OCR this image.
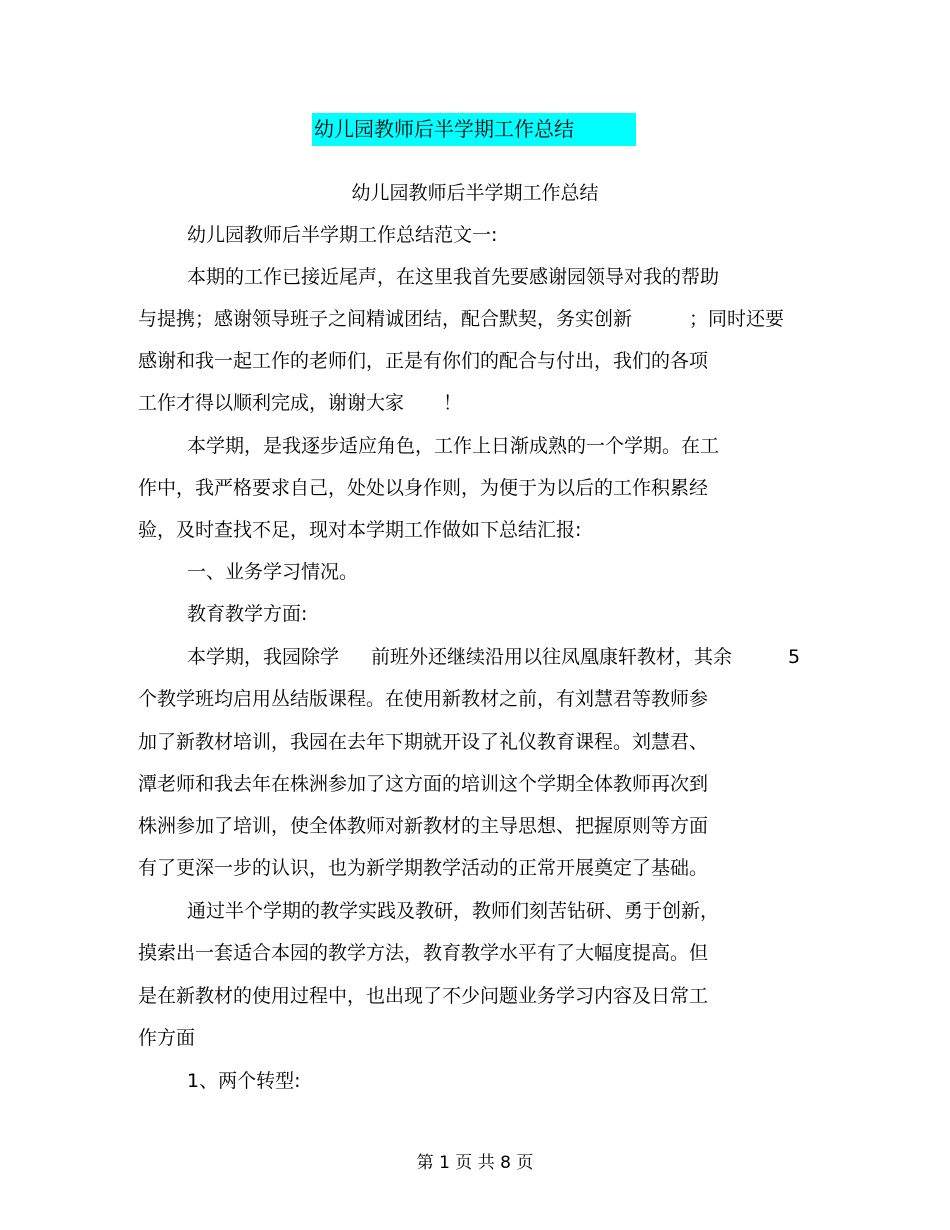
幼儿园教师后半学期工作总结
幼儿园教师后半学期工作总结
幼儿园教师后半学期工作总结范文一:
本期的工作已接近尾声，在这里我首先要感谢园领导对我的帮助
与提携；感谢领导班子之间精诚团结，配合默契，务实创新	；同时还要
感谢和我一起工作的老师们，正是有你们的配合与付出，我们的各项
工作才得以顺利完成，谢谢大家 ！
本学期，是我逐步适应角色，工作上日渐成熟的一个学期。在工
作中，我严格要求自己，处处以身作则，为便于为以后的工作积累经
验，及时查找不足，现对本学期工作做如下总结汇报:
一、业务学习情况。
教育教学方面:
本学期，我园除学 前班外还继续沿用以往凤凰康轩教材，其余	5
个教学班均启用丛结版课程。在使用新教材之前，有刘慧君等教师参
加了新教材培训，我园在去年下期就开设了礼仪教育课程。刘慧君、
潭老师和我去年在株洲参加了这方面的培训这个学期全体教师再次到
株洲参加了培训，使全体教师对新教材的主导思想、把握原则等方面
有了更深一步的认识，也为新学期教学活动的正常开展奠定了基础。
通过半个学期的教学实践及教研，教师们刻苦钻研、勇于创新，
摸索出一套适合本园的教学方法，教育教学水平有了大幅度提高。但
是在新教材的使用过程中，也出现了不少问题业务学习内容及日常工
作方面
1、两个转型:
第 1 页 共 8 页
